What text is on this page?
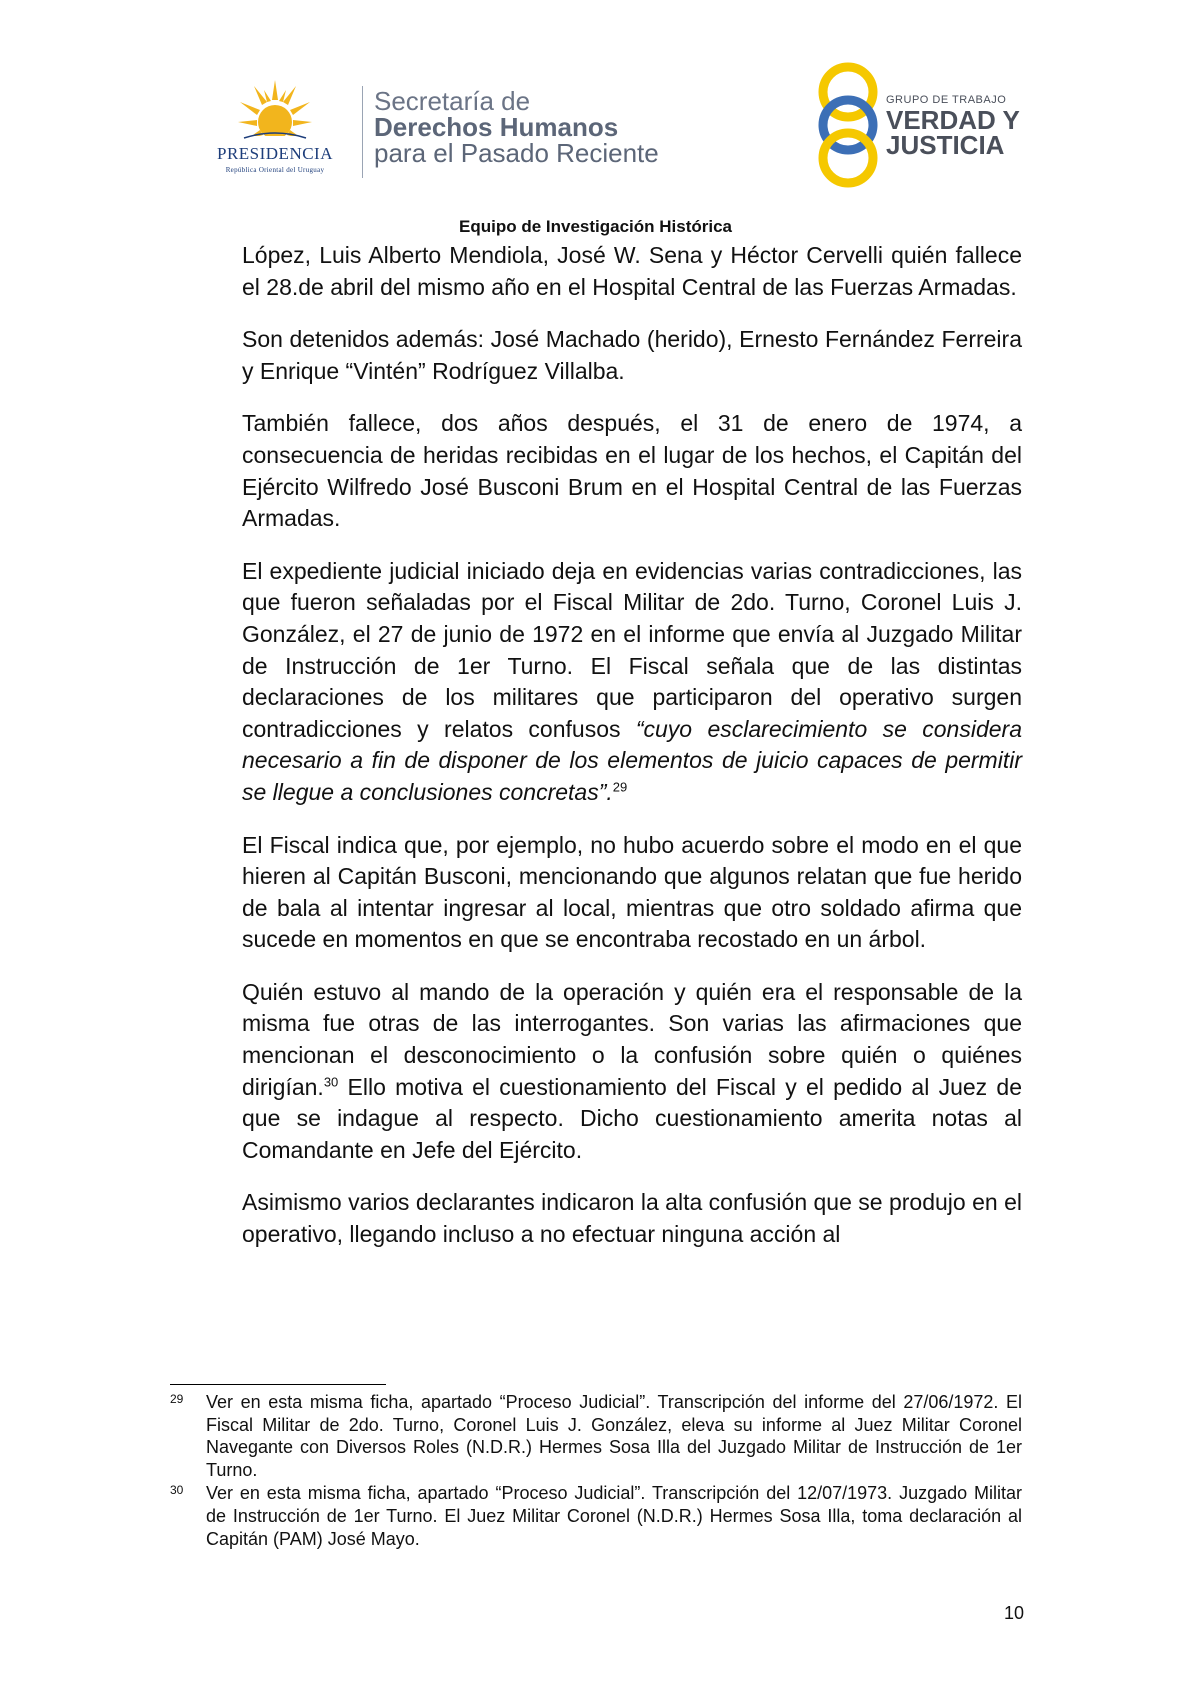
PRESIDENCIA
República Oriental del Uruguay
Secretaría de
Derechos Humanos
para el Pasado Reciente
GRUPO DE TRABAJO
VERDAD Y
JUSTICIA
Equipo de Investigación Histórica

López, Luis Alberto Mendiola, José W. Sena y Héctor Cervelli quién fallece el 28.de abril del mismo año en el Hospital Central de las Fuerzas Armadas.

Son detenidos además: José Machado (herido), Ernesto Fernández Ferreira y Enrique “Vintén” Rodríguez Villalba.

También fallece, dos años después, el 31 de enero de 1974, a consecuencia de heridas recibidas en el lugar de los hechos, el Capitán del Ejército Wilfredo José Busconi Brum en el Hospital Central de las Fuerzas Armadas.

El expediente judicial iniciado deja en evidencias varias contradicciones, las que fueron señaladas por el Fiscal Militar de 2do. Turno, Coronel Luis J. González, el 27 de junio de 1972 en el informe que envía al Juzgado Militar de Instrucción de 1er Turno. El Fiscal señala que de las distintas declaraciones de los militares que participaron del operativo surgen contradicciones y relatos confusos “cuyo esclarecimiento se considera necesario a fin de disponer de los elementos de juicio capaces de permitir se llegue a conclusiones concretas”.$^{29}$

El Fiscal indica que, por ejemplo, no hubo acuerdo sobre el modo en el que hieren al Capitán Busconi, mencionando que algunos relatan que fue herido de bala al intentar ingresar al local, mientras que otro soldado afirma que sucede en momentos en que se encontraba recostado en un árbol.

Quién estuvo al mando de la operación y quién era el responsable de la misma fue otras de las interrogantes. Son varias las afirmaciones que mencionan el desconocimiento o la confusión sobre quién o quiénes dirigían.$^{30}$ Ello motiva el cuestionamiento del Fiscal y el pedido al Juez de que se indague al respecto. Dicho cuestionamiento amerita notas al Comandante en Jefe del Ejército.

Asimismo varios declarantes indicaron la alta confusión que se produjo en el operativo, llegando incluso a no efectuar ninguna acción al

29 Ver en esta misma ficha, apartado “Proceso Judicial”. Transcripción del informe del 27/06/1972. El Fiscal Militar de 2do. Turno, Coronel Luis J. González, eleva su informe al Juez Militar Coronel Navegante con Diversos Roles (N.D.R.) Hermes Sosa Illa del Juzgado Militar de Instrucción de 1er Turno.
30 Ver en esta misma ficha, apartado “Proceso Judicial”. Transcripción del 12/07/1973. Juzgado Militar de Instrucción de 1er Turno. El Juez Militar Coronel (N.D.R.) Hermes Sosa Illa, toma declaración al Capitán (PAM) José Mayo.
10
